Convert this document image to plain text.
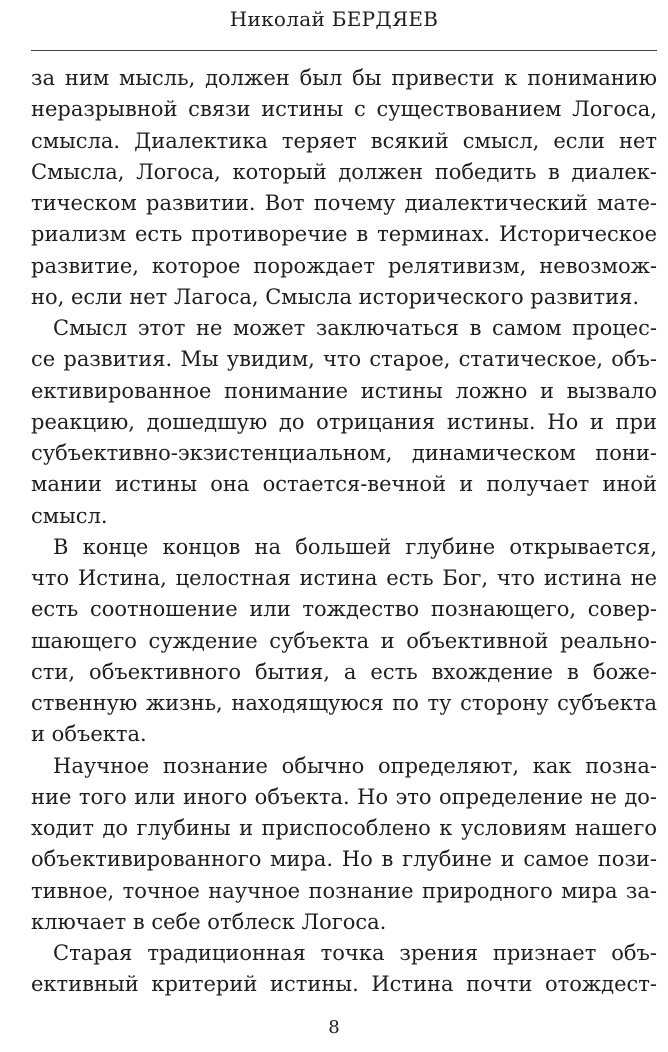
Николай БЕРДЯЕВ
за ним мысль, должен был бы привести к пониманию
неразрывной связи истины с существованием Логоса,
смысла. Диалектика теряет всякий смысл, если нет
Смысла, Логоса, который должен победить в диалек-
тическом развитии. Вот почему диалектический мате-
риализм есть противоречие в терминах. Историческое
развитие, которое порождает релятивизм, невозмож-
но, если нет Лагоса, Смысла исторического развития.
Смысл этот не может заключаться в самом процес-
се развития. Мы увидим, что старое, статическое, объ-
ективированное понимание истины ложно и вызвало
реакцию, дошедшую до отрицания истины. Но и при
субъективно-экзистенциальном, динамическом пони-
мании истины она остается-вечной и получает иной
смысл.
В конце концов на большей глубине открывается,
что Истина, целостная истина есть Бог, что истина не
есть соотношение или тождество познающего, совер-
шающего суждение субъекта и объективной реально-
сти, объективного бытия, а есть вхождение в боже-
ственную жизнь, находящуюся по ту сторону субъекта
и объекта.
Научное познание обычно определяют, как позна-
ние того или иного объекта. Но это определение не до-
ходит до глубины и приспособлено к условиям нашего
объективированного мира. Но в глубине и самое пози-
тивное, точное научное познание природного мира за-
ключает в себе отблеск Логоса.
Старая традиционная точка зрения признает объ-
ективный критерий истины. Истина почти отождест-
8
